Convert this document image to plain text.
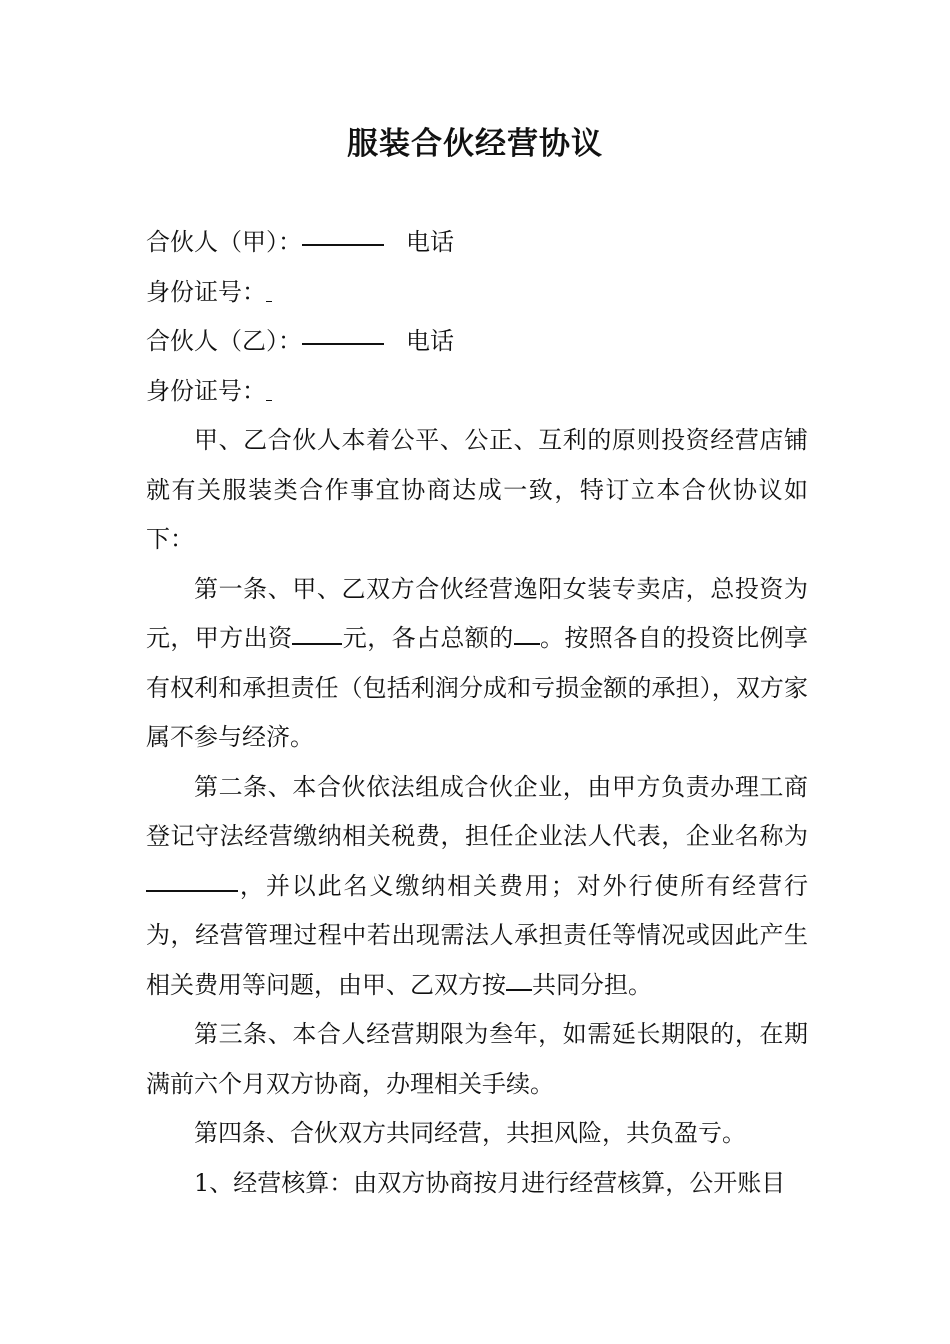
服装合伙经营协议
合伙人（甲）：	电话
身份证号：
合伙人（乙）：	电话
身份证号：

甲、乙合伙人本着公平、公正、互利的原则投资经营店铺就有关服装类合作事宜协商达成一致，特订立本合伙协议如下：

第一条、甲、乙双方合伙经营逸阳女装专卖店，总投资为元，甲方出资 元，各占总额的 。按照各自的投资比例享有权利和承担责任（包括利润分成和亏损金额的承担），双方家属不参与经济。

第二条、本合伙依法组成合伙企业，由甲方负责办理工商登记守法经营缴纳相关税费，担任企业法人代表，企业名称为，并以此名义缴纳相关费用；对外行使所有经营行为，经营管理过程中若出现需法人承担责任等情况或因此产生相关费用等问题，由甲、乙双方按 共同分担。

第三条、本合人经营期限为叁年，如需延长期限的，在期满前六个月双方协商，办理相关手续。

第四条、合伙双方共同经营，共担风险，共负盈亏。

1、经营核算：由双方协商按月进行经营核算，公开账目
